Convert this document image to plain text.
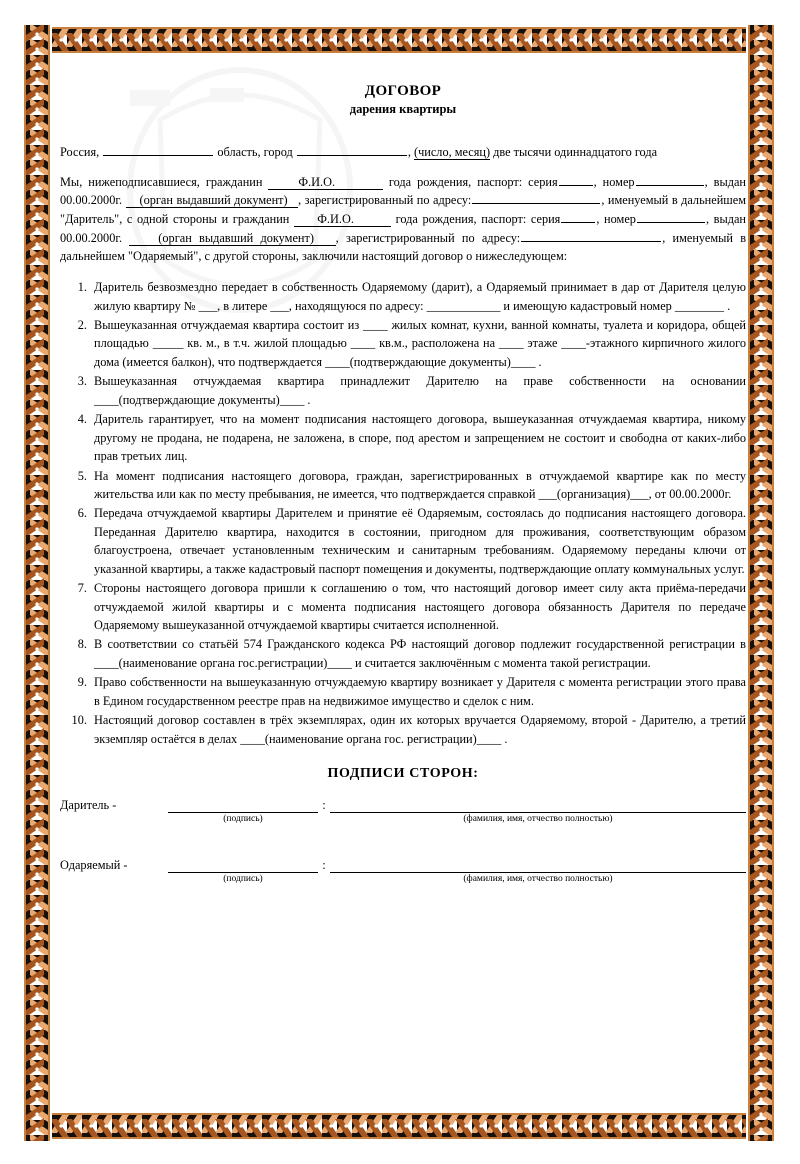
ДОГОВОР
дарения квартиры

Россия,	область, город	, (число, месяц) две тысячи одиннадцатого года

Мы, нижеподписавшиеся, гражданин	Ф.И.О.	года рождения, паспорт: серия	, номер	, выдан 00.00.2000г. (орган выдавший документ) , зарегистрированный по адресу:	, именуемый в дальнейшем "Даритель", с одной стороны и гражданин Ф.И.О.	года рождения, паспорт: серия	, номер	, выдан 00.00.2000г.	(орган выдавший документ) , зарегистрированный по адресу:	, именуемый в дальнейшем "Одаряемый", с другой стороны, заключили настоящий договор о нижеследующем:

1. Даритель безвозмездно передает в собственность Одаряемому (дарит), а Одаряемый принимает в дар от Дарителя целую жилую квартиру № ___, в литере ___, находящуюся по адресу: ____________ и имеющую кадастровый номер ________ .
2. Вышеуказанная отчуждаемая квартира состоит из ____ жилых комнат, кухни, ванной комнаты, туалета и коридора, общей площадью _____ кв. м., в т.ч. жилой площадью ____ кв.м., расположена на ____ этаже ____-этажного кирпичного жилого дома (имеется балкон), что подтверждается ____(подтверждающие документы)____ .
3. Вышеуказанная отчуждаемая квартира принадлежит Дарителю на праве собственности на основании ____(подтверждающие документы)____ .
4. Даритель гарантирует, что на момент подписания настоящего договора, вышеуказанная отчуждаемая квартира, никому другому не продана, не подарена, не заложена, в споре, под арестом и запрещением не состоит и свободна от каких-либо прав третьих лиц.
5. На момент подписания настоящего договора, граждан, зарегистрированных в отчуждаемой квартире как по месту жительства или как по месту пребывания, не имеется, что подтверждается справкой ___(организация)___, от 00.00.2000г.
6. Передача отчуждаемой квартиры Дарителем и принятие её Одаряемым, состоялась до подписания настоящего договора. Переданная Дарителю квартира, находится в состоянии, пригодном для проживания, соответствующим образом благоустроена, отвечает установленным техническим и санитарным требованиям. Одаряемому переданы ключи от указанной квартиры, а также кадастровый паспорт помещения и документы, подтверждающие оплату коммунальных услуг.
7. Стороны настоящего договора пришли к соглашению о том, что настоящий договор имеет силу акта приёма-передачи отчуждаемой жилой квартиры и с момента подписания настоящего договора обязанность Дарителя по передаче Одаряемому вышеуказанной отчуждаемой квартиры считается исполненной.
8. В соответствии со статьёй 574 Гражданского кодекса РФ настоящий договор подлежит государственной регистрации в ____(наименование органа гос.регистрации)____ и считается заключённым с момента такой регистрации.
9. Право собственности на вышеуказанную отчуждаемую квартиру возникает у Дарителя с момента регистрации этого права в Едином государственном реестре прав на недвижимое имущество и сделок с ним.
10. Настоящий договор составлен в трёх экземплярах, один их которых вручается Одаряемому, второй - Дарителю, а третий экземпляр остаётся в делах ____(наименование органа гос. регистрации)____ .
ПОДПИСИ СТОРОН:
Даритель -	:
(подпись)	(фамилия, имя, отчество полностью)
Одаряемый -	:
(подпись)	(фамилия, имя, отчество полностью)
